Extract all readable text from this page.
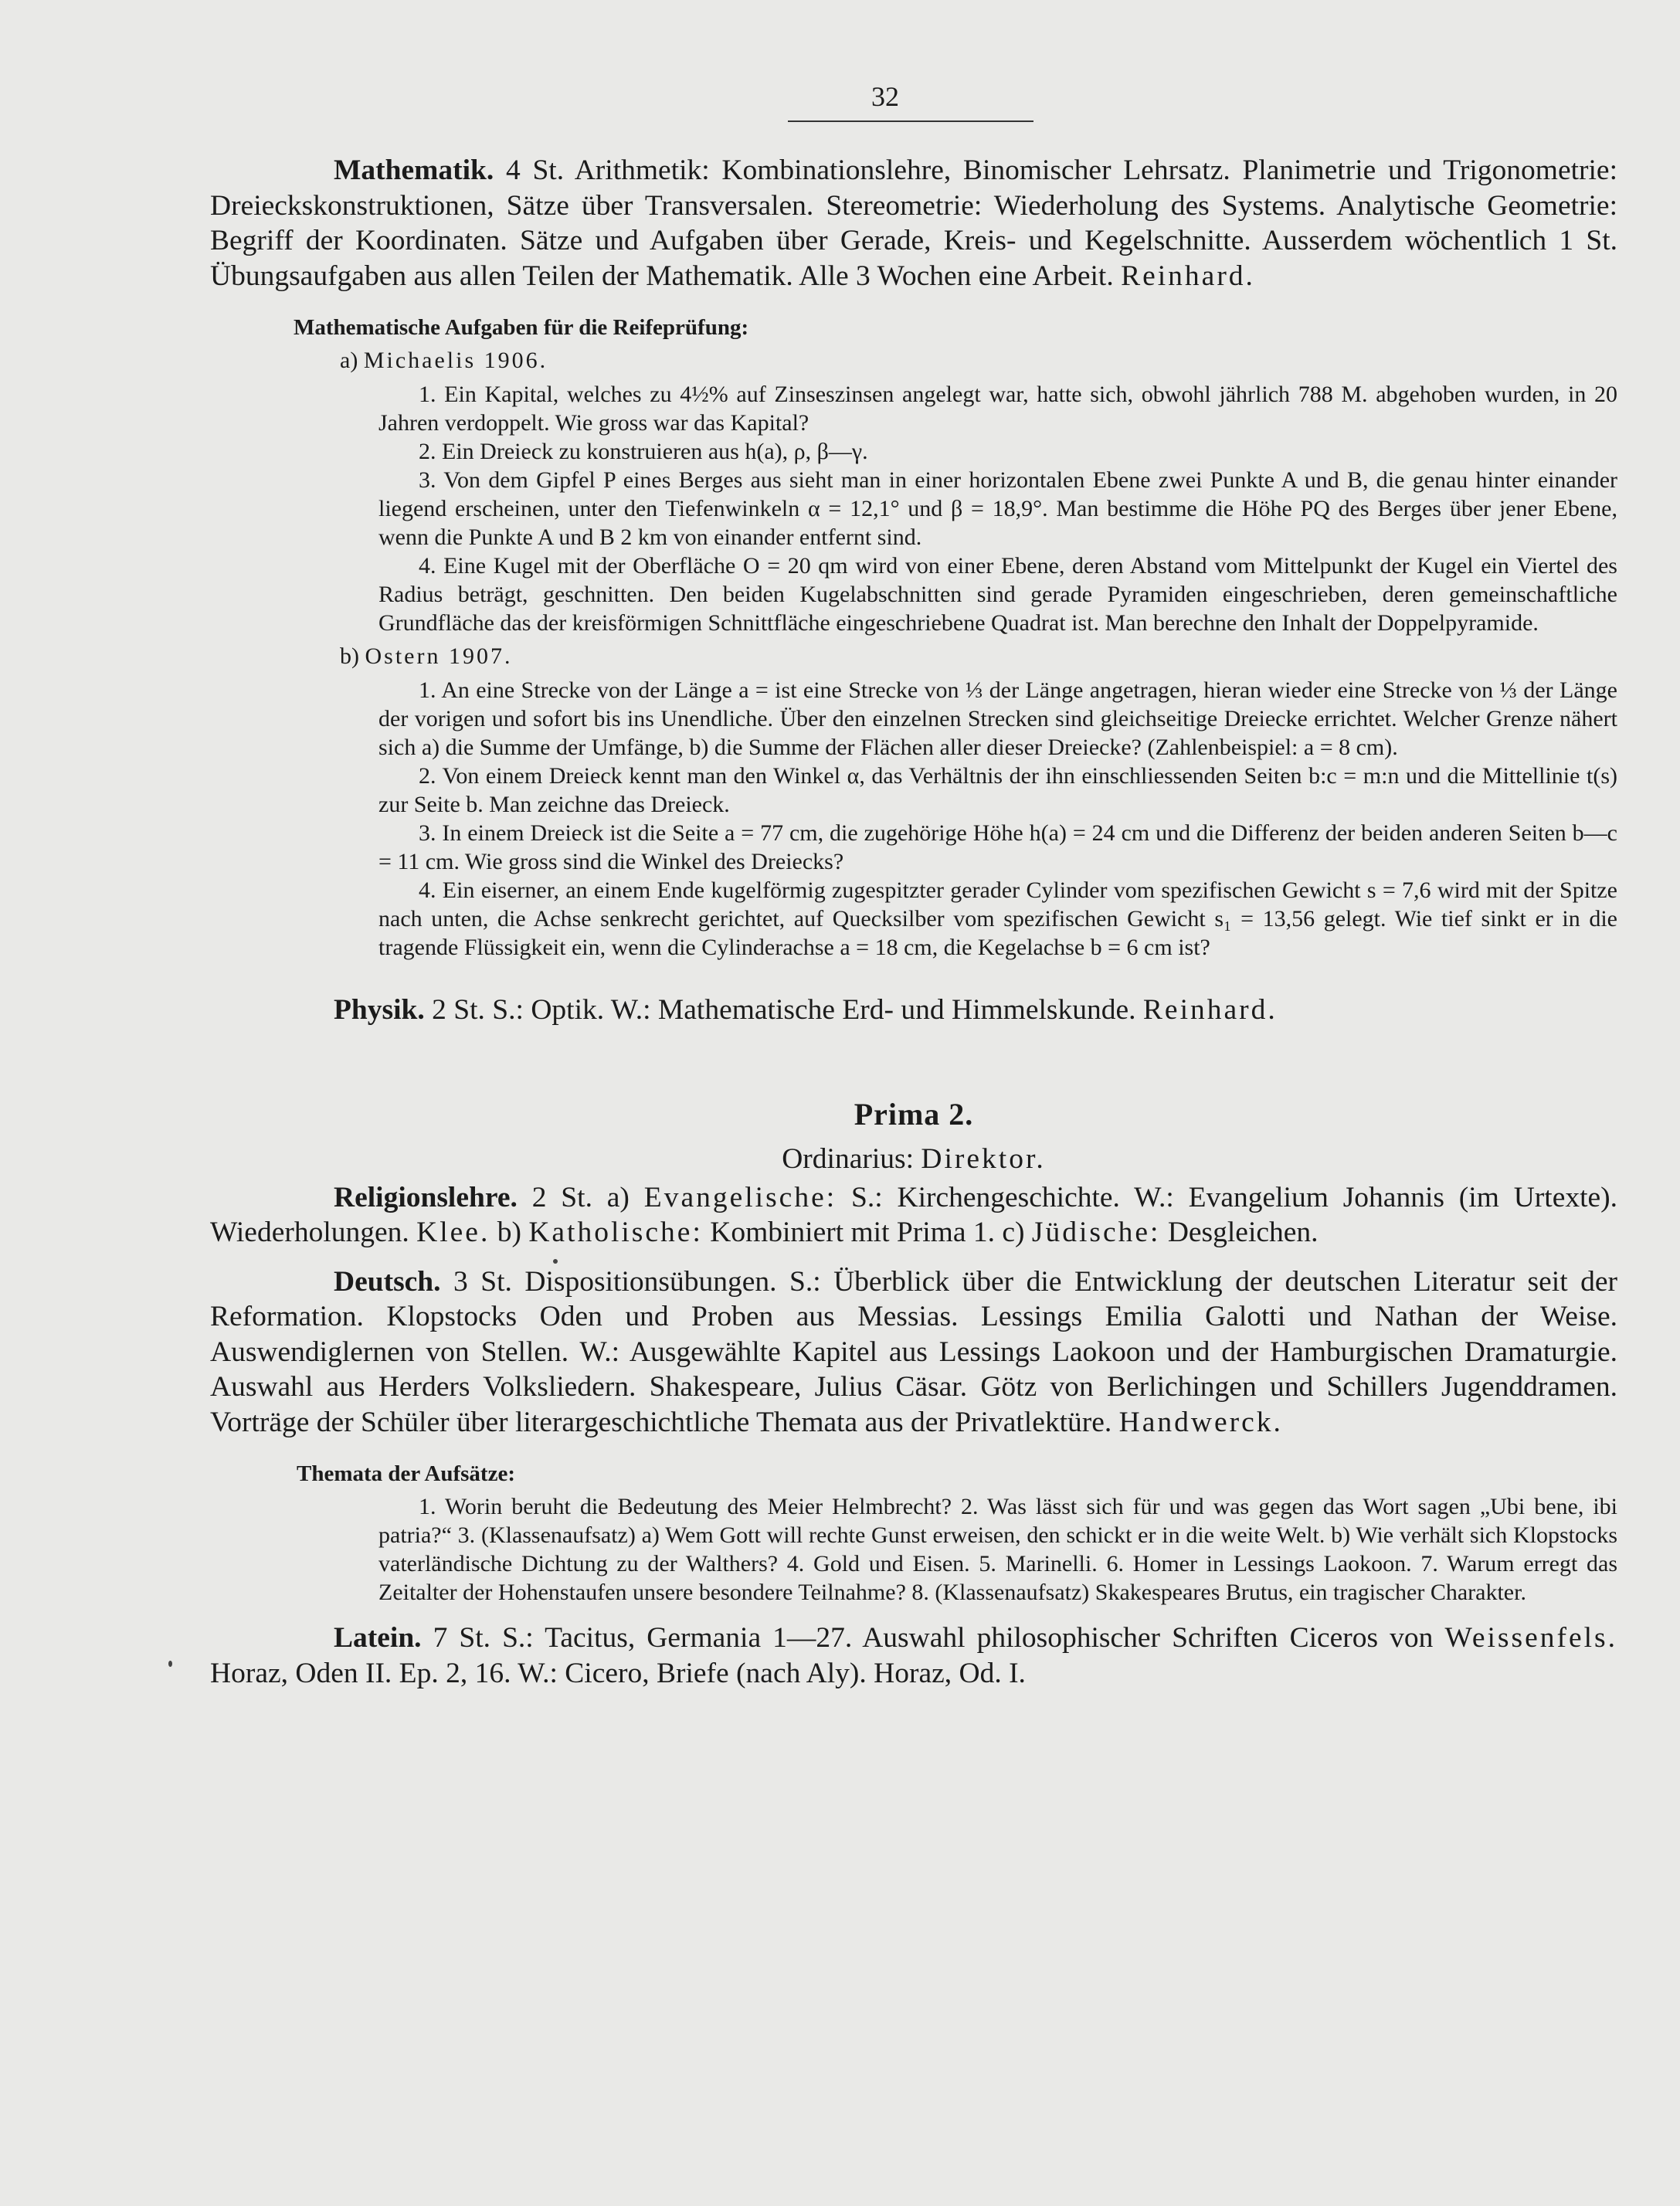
32

Mathematik. 4 St. Arithmetik: Kombinationslehre, Binomischer Lehrsatz. Planimetrie und Trigonometrie: Dreieckskonstruktionen, Sätze über Transversalen. Stereometrie: Wiederholung des Systems. Analytische Geometrie: Begriff der Koordinaten. Sätze und Aufgaben über Gerade, Kreis- und Kegelschnitte. Ausserdem wöchentlich 1 St. Übungsaufgaben aus allen Teilen der Mathematik. Alle 3 Wochen eine Arbeit. Reinhard.

Mathematische Aufgaben für die Reifeprüfung:
a) Michaelis 1906.

1. Ein Kapital, welches zu 4½% auf Zinseszinsen angelegt war, hatte sich, obwohl jährlich 788 M. abgehoben wurden, in 20 Jahren verdoppelt. Wie gross war das Kapital?

2. Ein Dreieck zu konstruieren aus h(a), ρ, β—γ.

3. Von dem Gipfel P eines Berges aus sieht man in einer horizontalen Ebene zwei Punkte A und B, die genau hinter einander liegend erscheinen, unter den Tiefenwinkeln α = 12,1° und β = 18,9°. Man bestimme die Höhe PQ des Berges über jener Ebene, wenn die Punkte A und B 2 km von einander entfernt sind.

4. Eine Kugel mit der Oberfläche O = 20 qm wird von einer Ebene, deren Abstand vom Mittelpunkt der Kugel ein Viertel des Radius beträgt, geschnitten. Den beiden Kugelabschnitten sind gerade Pyramiden eingeschrieben, deren gemeinschaftliche Grundfläche das der kreisförmigen Schnittfläche eingeschriebene Quadrat ist. Man berechne den Inhalt der Doppelpyramide.

b) Ostern 1907.

1. An eine Strecke von der Länge a = ist eine Strecke von ⅓ der Länge angetragen, hieran wieder eine Strecke von ⅓ der Länge der vorigen und sofort bis ins Unendliche. Über den einzelnen Strecken sind gleichseitige Dreiecke errichtet. Welcher Grenze nähert sich a) die Summe der Umfänge, b) die Summe der Flächen aller dieser Dreiecke? (Zahlenbeispiel: a = 8 cm).

2. Von einem Dreieck kennt man den Winkel α, das Verhältnis der ihn einschliessenden Seiten b:c = m:n und die Mittellinie t(s) zur Seite b. Man zeichne das Dreieck.

3. In einem Dreieck ist die Seite a = 77 cm, die zugehörige Höhe h(a) = 24 cm und die Differenz der beiden anderen Seiten b—c = 11 cm. Wie gross sind die Winkel des Dreiecks?

4. Ein eiserner, an einem Ende kugelförmig zugespitzter gerader Cylinder vom spezifischen Gewicht s = 7,6 wird mit der Spitze nach unten, die Achse senkrecht gerichtet, auf Quecksilber vom spezifischen Gewicht s₁ = 13,56 gelegt. Wie tief sinkt er in die tragende Flüssigkeit ein, wenn die Cylinderachse a = 18 cm, die Kegelachse b = 6 cm ist?

Physik. 2 St. S.: Optik. W.: Mathematische Erd- und Himmelskunde. Reinhard.

Prima 2.
Ordinarius: Direktor.

Religionslehre. 2 St. a) Evangelische: S.: Kirchengeschichte. W.: Evangelium Johannis (im Urtexte). Wiederholungen. Klee. b) Katholische: Kombiniert mit Prima 1. c) Jüdische: Desgleichen.

Deutsch. 3 St. Dispositionsübungen. S.: Überblick über die Entwicklung der deutschen Literatur seit der Reformation. Klopstocks Oden und Proben aus Messias. Lessings Emilia Galotti und Nathan der Weise. Auswendiglernen von Stellen. W.: Ausgewählte Kapitel aus Lessings Laokoon und der Hamburgischen Dramaturgie. Auswahl aus Herders Volksliedern. Shakespeare, Julius Cäsar. Götz von Berlichingen und Schillers Jugenddramen. Vorträge der Schüler über literargeschichtliche Themata aus der Privatlektüre. Handwerck.

Themata der Aufsätze:

1. Worin beruht die Bedeutung des Meier Helmbrecht? 2. Was lässt sich für und was gegen das Wort sagen „Ubi bene, ibi patria?“ 3. (Klassenaufsatz) a) Wem Gott will rechte Gunst erweisen, den schickt er in die weite Welt. b) Wie verhält sich Klopstocks vaterländische Dichtung zu der Walthers? 4. Gold und Eisen. 5. Marinelli. 6. Homer in Lessings Laokoon. 7. Warum erregt das Zeitalter der Hohenstaufen unsere besondere Teilnahme? 8. (Klassenaufsatz) Skakespeares Brutus, ein tragischer Charakter.

Latein. 7 St. S.: Tacitus, Germania 1—27. Auswahl philosophischer Schriften Ciceros von Weissenfels. Horaz, Oden II. Ep. 2, 16. W.: Cicero, Briefe (nach Aly). Horaz, Od. I.
